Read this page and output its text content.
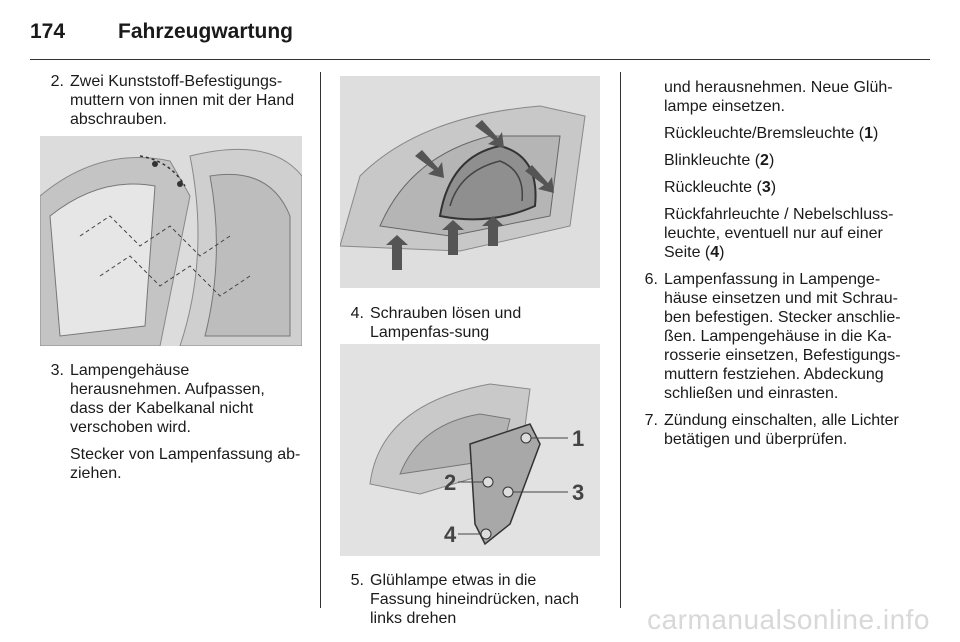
174	Fahrzeugwartung
2. Zwei Kunststoff-Befestigungs-muttern von innen mit der Hand abschrauben.
3. Lampengehäuse herausnehmen. Aufpassen, dass der Kabelkanal nicht verschoben wird.
Stecker von Lampenfassung ab-ziehen.
4. Schrauben lösen und Lampenfas-sung
1
2	3
4
5. Glühlampe etwas in die Fassung hineindrücken, nach links drehen
und herausnehmen. Neue Glüh-lampe einsetzen.
Rückleuchte/Bremsleuchte (1)
Blinkleuchte (2)
Rückleuchte (3)
Rückfahrleuchte / Nebelschluss-leuchte, eventuell nur auf einer Seite (4)
6. Lampenfassung in Lampenge-häuse einsetzen und mit Schrau-ben befestigen. Stecker anschlie-ßen. Lampengehäuse in die Ka-rosserie einsetzen, Befestigungs-muttern festziehen. Abdeckung schließen und einrasten.
7. Zündung einschalten, alle Lichter betätigen und überprüfen.
carmanualsonline.info
